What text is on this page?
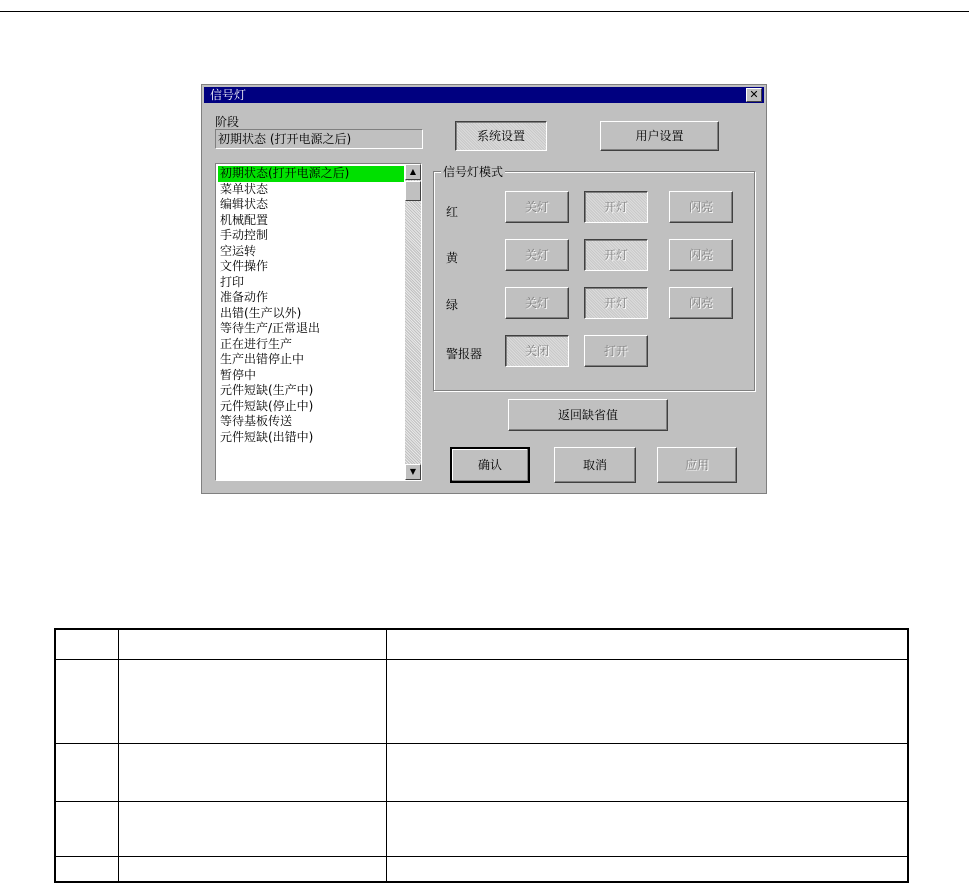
信号灯	✕
阶段
初期状态 (打开电源之后)	系统设置	用户设置
初期状态(打开电源之后)
菜单状态
编辑状态
机械配置
手动控制
空运转
文件操作
打印
准备动作
出错(生产以外)
等待生产/正常退出
正在进行生产
生产出错停止中
暂停中
元件短缺(生产中)
元件短缺(停止中)
等待基板传送
元件短缺(出错中)
▲
▼
信号灯模式
红	关灯	开灯	闪亮
黄	关灯	开灯	闪亮
绿	关灯	开灯	闪亮
警报器	关闭	打开
返回缺省值
确认	取消	应用
